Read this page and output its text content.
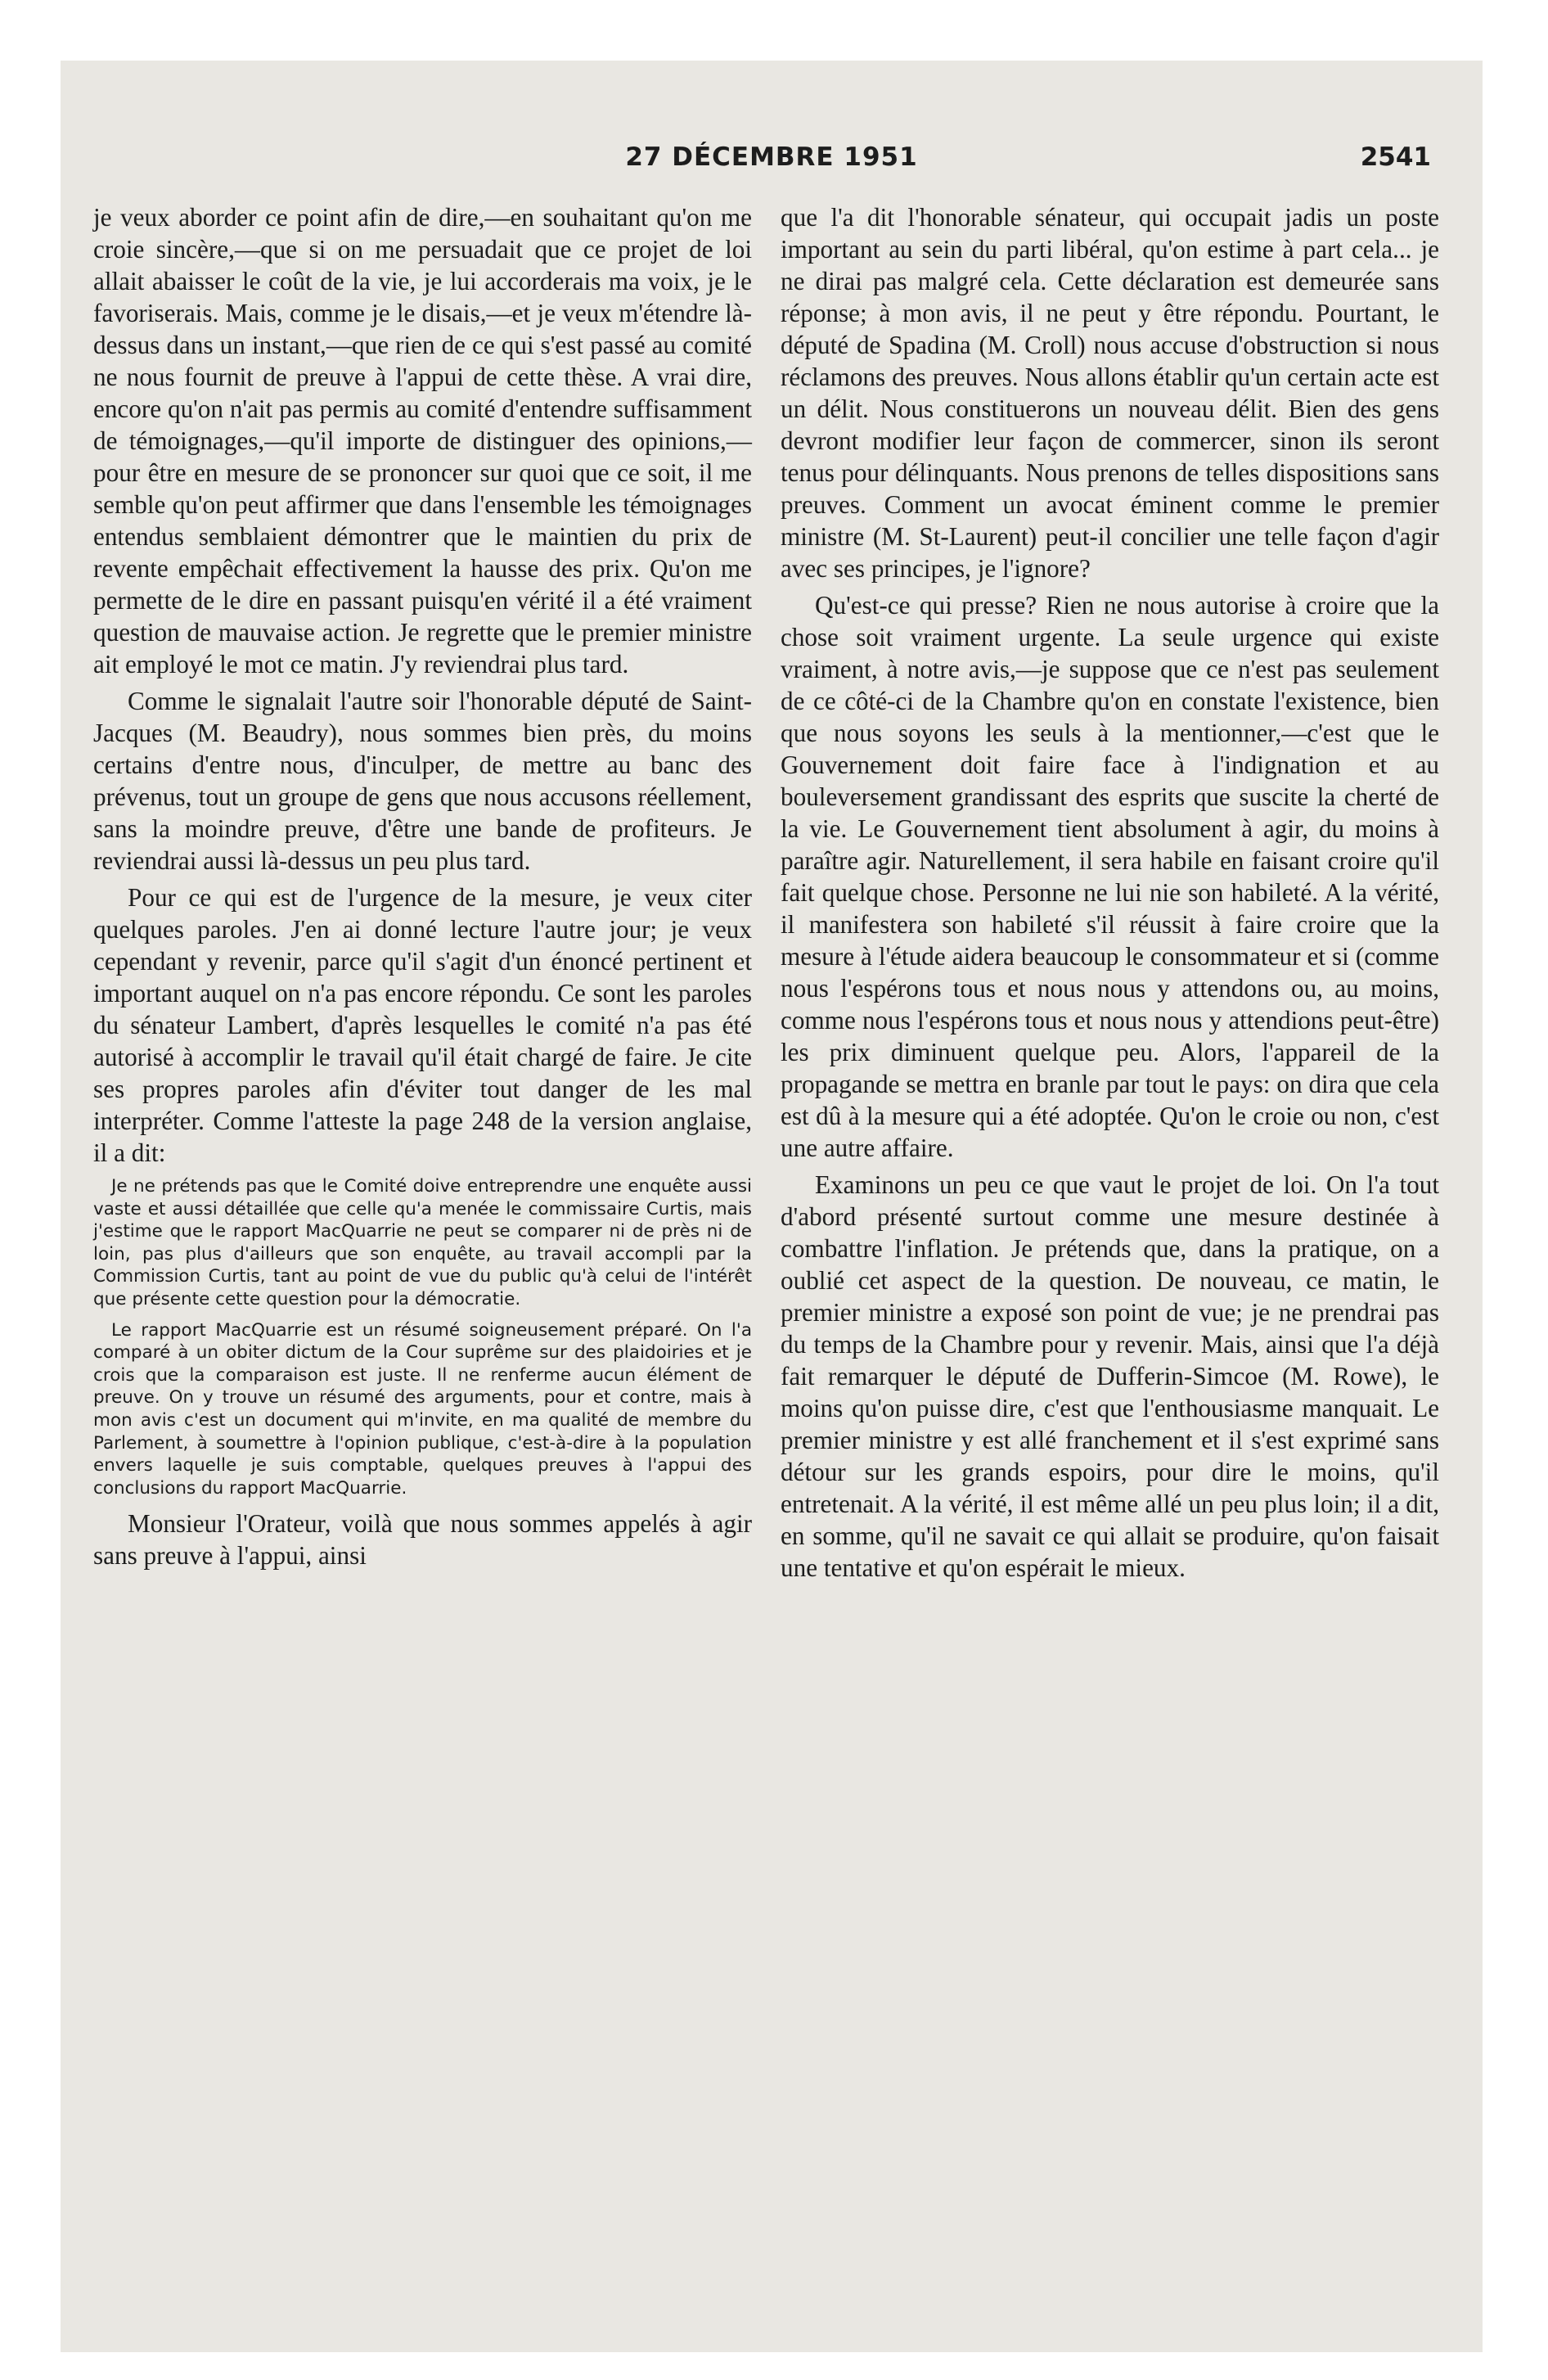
27 DÉCEMBRE 1951	2541

je veux aborder ce point afin de dire,—en souhaitant qu'on me croie sincère,—que si on me persuadait que ce projet de loi allait abaisser le coût de la vie, je lui accorderais ma voix, je le favoriserais. Mais, comme je le disais,—et je veux m'étendre là-dessus dans un instant,—que rien de ce qui s'est passé au comité ne nous fournit de preuve à l'appui de cette thèse. A vrai dire, encore qu'on n'ait pas permis au comité d'entendre suffisamment de témoignages,—qu'il importe de distinguer des opinions,—pour être en mesure de se prononcer sur quoi que ce soit, il me semble qu'on peut affirmer que dans l'ensemble les témoignages entendus semblaient démontrer que le maintien du prix de revente empêchait effectivement la hausse des prix. Qu'on me permette de le dire en passant puisqu'en vérité il a été vraiment question de mauvaise action. Je regrette que le premier ministre ait employé le mot ce matin. J'y reviendrai plus tard.

Comme le signalait l'autre soir l'honorable député de Saint-Jacques (M. Beaudry), nous sommes bien près, du moins certains d'entre nous, d'inculper, de mettre au banc des prévenus, tout un groupe de gens que nous accusons réellement, sans la moindre preuve, d'être une bande de profiteurs. Je reviendrai aussi là-dessus un peu plus tard.

Pour ce qui est de l'urgence de la mesure, je veux citer quelques paroles. J'en ai donné lecture l'autre jour; je veux cependant y revenir, parce qu'il s'agit d'un énoncé pertinent et important auquel on n'a pas encore répondu. Ce sont les paroles du sénateur Lambert, d'après lesquelles le comité n'a pas été autorisé à accomplir le travail qu'il était chargé de faire. Je cite ses propres paroles afin d'éviter tout danger de les mal interpréter. Comme l'atteste la page 248 de la version anglaise, il a dit:

Je ne prétends pas que le Comité doive entreprendre une enquête aussi vaste et aussi détaillée que celle qu'a menée le commissaire Curtis, mais j'estime que le rapport MacQuarrie ne peut se comparer ni de près ni de loin, pas plus d'ailleurs que son enquête, au travail accompli par la Commission Curtis, tant au point de vue du public qu'à celui de l'intérêt que présente cette question pour la démocratie.

Le rapport MacQuarrie est un résumé soigneusement préparé. On l'a comparé à un obiter dictum de la Cour suprême sur des plaidoiries et je crois que la comparaison est juste. Il ne renferme aucun élément de preuve. On y trouve un résumé des arguments, pour et contre, mais à mon avis c'est un document qui m'invite, en ma qualité de membre du Parlement, à soumettre à l'opinion publique, c'est-à-dire à la population envers laquelle je suis comptable, quelques preuves à l'appui des conclusions du rapport MacQuarrie.

Monsieur l'Orateur, voilà que nous sommes appelés à agir sans preuve à l'appui, ainsi

que l'a dit l'honorable sénateur, qui occupait jadis un poste important au sein du parti libéral, qu'on estime à part cela... je ne dirai pas malgré cela. Cette déclaration est demeurée sans réponse; à mon avis, il ne peut y être répondu. Pourtant, le député de Spadina (M. Croll) nous accuse d'obstruction si nous réclamons des preuves. Nous allons établir qu'un certain acte est un délit. Nous constituerons un nouveau délit. Bien des gens devront modifier leur façon de commercer, sinon ils seront tenus pour délinquants. Nous prenons de telles dispositions sans preuves. Comment un avocat éminent comme le premier ministre (M. St-Laurent) peut-il concilier une telle façon d'agir avec ses principes, je l'ignore?

Qu'est-ce qui presse? Rien ne nous autorise à croire que la chose soit vraiment urgente. La seule urgence qui existe vraiment, à notre avis,—je suppose que ce n'est pas seulement de ce côté-ci de la Chambre qu'on en constate l'existence, bien que nous soyons les seuls à la mentionner,—c'est que le Gouvernement doit faire face à l'indignation et au bouleversement grandissant des esprits que suscite la cherté de la vie. Le Gouvernement tient absolument à agir, du moins à paraître agir. Naturellement, il sera habile en faisant croire qu'il fait quelque chose. Personne ne lui nie son habileté. A la vérité, il manifestera son habileté s'il réussit à faire croire que la mesure à l'étude aidera beaucoup le consommateur et si (comme nous l'espérons tous et nous nous y attendons ou, au moins, comme nous l'espérons tous et nous nous y attendions peut-être) les prix diminuent quelque peu. Alors, l'appareil de la propagande se mettra en branle par tout le pays: on dira que cela est dû à la mesure qui a été adoptée. Qu'on le croie ou non, c'est une autre affaire.

Examinons un peu ce que vaut le projet de loi. On l'a tout d'abord présenté surtout comme une mesure destinée à combattre l'inflation. Je prétends que, dans la pratique, on a oublié cet aspect de la question. De nouveau, ce matin, le premier ministre a exposé son point de vue; je ne prendrai pas du temps de la Chambre pour y revenir. Mais, ainsi que l'a déjà fait remarquer le député de Dufferin-Simcoe (M. Rowe), le moins qu'on puisse dire, c'est que l'enthousiasme manquait. Le premier ministre y est allé franchement et il s'est exprimé sans détour sur les grands espoirs, pour dire le moins, qu'il entretenait. A la vérité, il est même allé un peu plus loin; il a dit, en somme, qu'il ne savait ce qui allait se produire, qu'on faisait une tentative et qu'on espérait le mieux.
